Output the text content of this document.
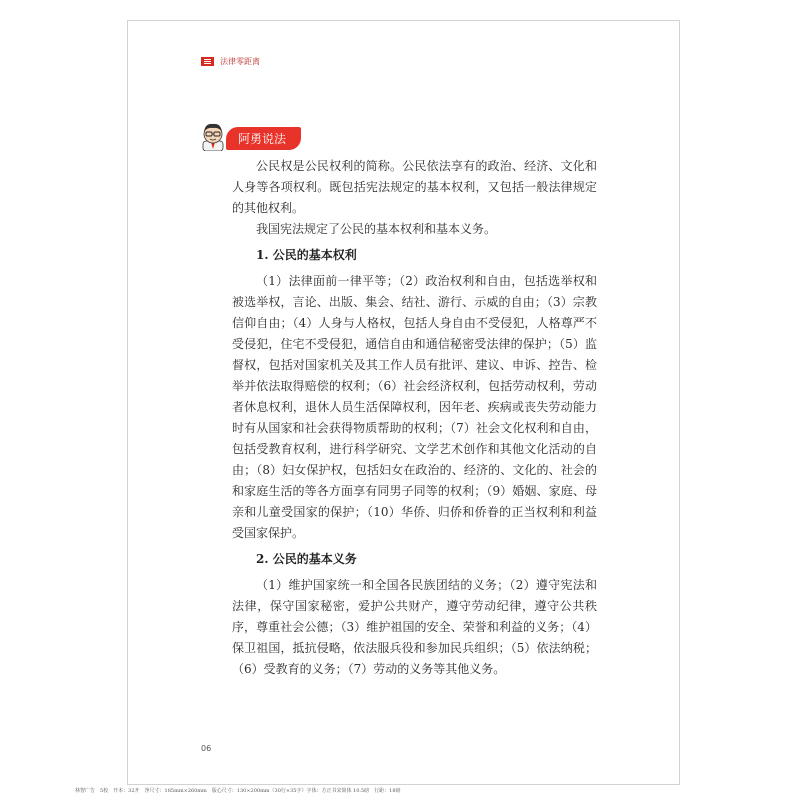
法律零距离
阿勇说法

公民权是公民权利的简称。公民依法享有的政治、经济、文化和人身等各项权利。既包括宪法规定的基本权利，又包括一般法律规定的其他权利。

我国宪法规定了公民的基本权利和基本义务。

1. 公民的基本权利

（1）法律面前一律平等；（2）政治权利和自由，包括选举权和被选举权，言论、出版、集会、结社、游行、示威的自由；（3）宗教信仰自由；（4）人身与人格权，包括人身自由不受侵犯，人格尊严不受侵犯，住宅不受侵犯，通信自由和通信秘密受法律的保护；（5）监督权，包括对国家机关及其工作人员有批评、建议、申诉、控告、检举并依法取得赔偿的权利；（6）社会经济权利，包括劳动权利，劳动者休息权利，退休人员生活保障权利，因年老、疾病或丧失劳动能力时有从国家和社会获得物质帮助的权利；（7）社会文化权利和自由，包括受教育权利，进行科学研究、文学艺术创作和其他文化活动的自由；（8）妇女保护权，包括妇女在政治的、经济的、文化的、社会的和家庭生活的等各方面享有同男子同等的权利；（9）婚姻、家庭、母亲和儿童受国家的保护；（10）华侨、归侨和侨眷的正当权利和利益受国家保护。

2. 公民的基本义务

（1）维护国家统一和全国各民族团结的义务；（2）遵守宪法和法律，保守国家秘密，爱护公共财产，遵守劳动纪律，遵守公共秩序，尊重社会公德；（3）维护祖国的安全、荣誉和利益的义务；（4）保卫祖国，抵抗侵略，依法服兵役和参加民兵组织；（5）依法纳税；（6）受教育的义务；（7）劳动的义务等其他义务。

06
林智广告　5校　开本：32开　净尺寸：185mm×260mm　版心尺寸：130×200mm（30行×35字）字体：方正书宋简体 10.5磅　行距：18磅
